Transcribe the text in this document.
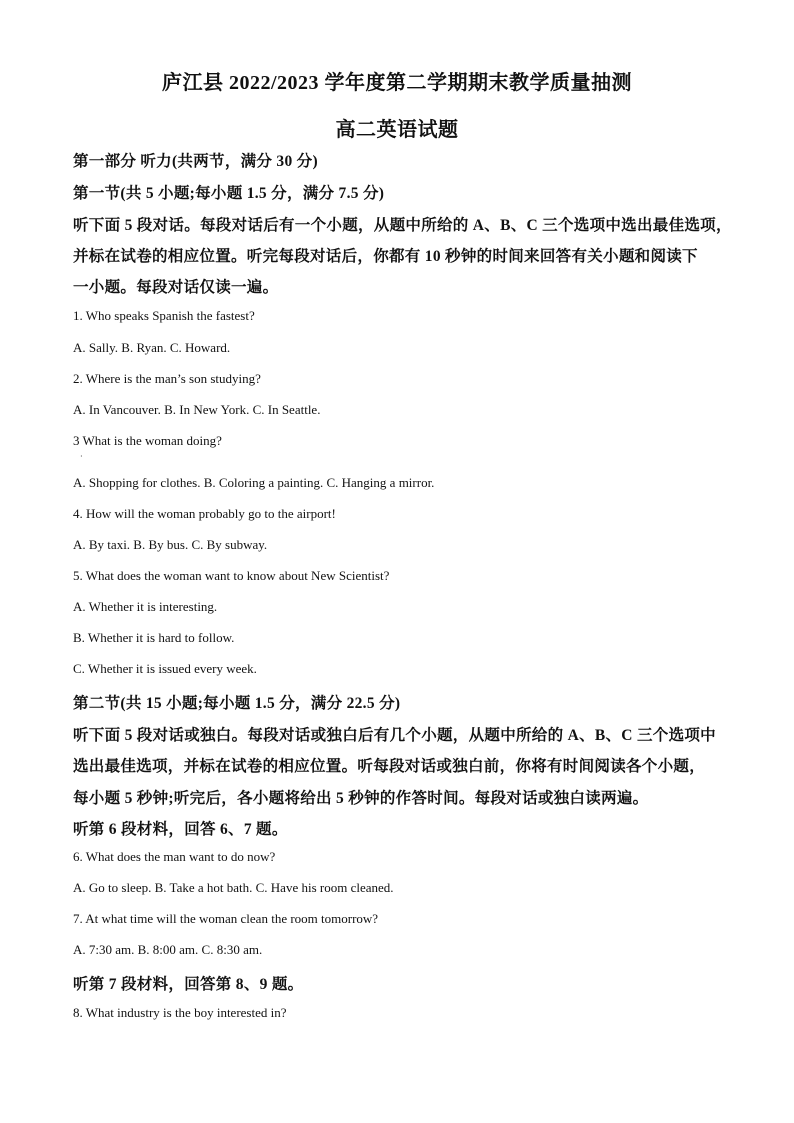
庐江县 2022/2023 学年度第二学期期末教学质量抽测
高二英语试题
第一部分 听力(共两节，满分 30 分)
第一节(共 5 小题;每小题 1.5 分，满分 7.5 分)
听下面 5 段对话。每段对话后有一个小题，从题中所给的 A、B、C 三个选项中选出最佳选项，
并标在试卷的相应位置。听完每段对话后，你都有 10 秒钟的时间来回答有关小题和阅读下
一小题。每段对话仅读一遍。
1. Who speaks Spanish the fastest?
A. Sally. B. Ryan. C. Howard.
2. Where is the man’s son studying?
A. In Vancouver. B. In New York. C. In Seattle.
3 What is the woman doing?
·
A. Shopping for clothes. B. Coloring a painting. C. Hanging a mirror.
4. How will the woman probably go to the airport!
A. By taxi. B. By bus. C. By subway.
5. What does the woman want to know about New Scientist?
A. Whether it is interesting.
B. Whether it is hard to follow.
C. Whether it is issued every week.
第二节(共 15 小题;每小题 1.5 分，满分 22.5 分)
听下面 5 段对话或独白。每段对话或独白后有几个小题，从题中所给的 A、B、C 三个选项中
选出最佳选项，并标在试卷的相应位置。听每段对话或独白前，你将有时间阅读各个小题，
每小题 5 秒钟;听完后，各小题将给出 5 秒钟的作答时间。每段对话或独白读两遍。
听第 6 段材料，回答 6、7 题。
6. What does the man want to do now?
A. Go to sleep. B. Take a hot bath. C. Have his room cleaned.
7. At what time will the woman clean the room tomorrow?
A. 7:30 am. B. 8:00 am. C. 8:30 am.
听第 7 段材料，回答第 8、9 题。
8. What industry is the boy interested in?
